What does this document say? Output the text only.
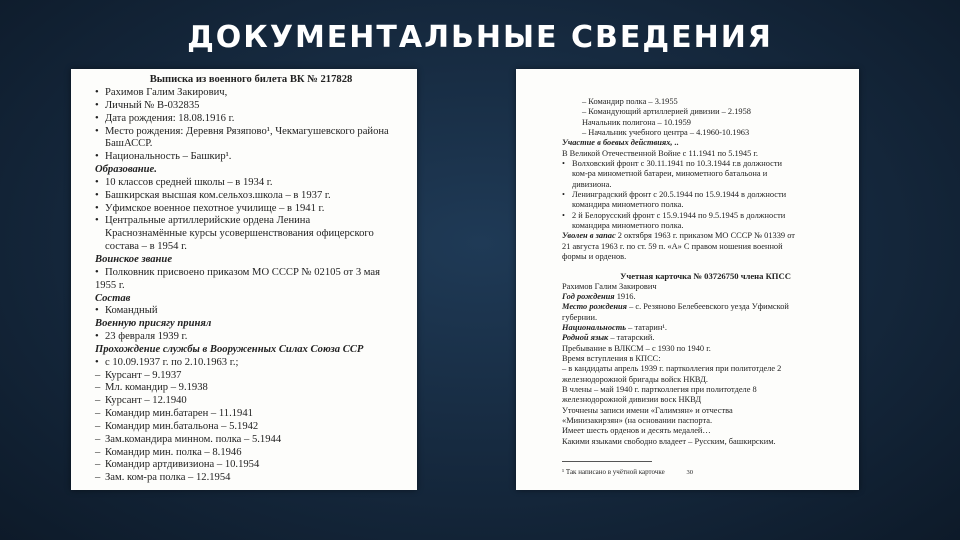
ДОКУМЕНТАЛЬНЫЕ СВЕДЕНИЯ
Выписка из военного билета ВК № 217828
• Рахимов Галим Закирович,
• Личный № В-032835
• Дата рождения: 18.08.1916 г.
• Место рождения: Деревня Рязяпово¹, Чекмагушевского района
БашАССР.
• Национальность – Башкир¹.
Образование.
• 10 классов средней школы – в 1934 г.
• Башкирская высшая ком.сельхоз.школа – в 1937 г.
• Уфимское военное пехотное училище – в 1941 г.
• Центральные артиллерийские ордена Ленина
Краснознамённые курсы усовершенствования офицерского
состава – в 1954 г.
Воинское звание
• Полковник присвоено приказом МО СССР № 02105 от 3 мая
1955 г.
Состав
• Командный
Военную присягу принял
• 23 февраля 1939 г.
Прохождение службы в Вооруженных Силах Союза ССР
• с 10.09.1937 г. по 2.10.1963 г.;
– Курсант – 9.1937
– Мл. командир – 9.1938
– Курсант – 12.1940
– Командир мин.батарен – 11.1941
– Командир мин.батальона – 5.1942
– Зам.командира минном. полка – 5.1944
– Командир мин. полка – 8.1946
– Командир артдивизиона – 10.1954
– Зам. ком-ра полка – 12.1954
– Командир полка – 3.1955
– Командующий артиллерией дивизии – 2.1958
Начальник полигона – 10.1959
– Начальник учебного центра – 4.1960-10.1963
Участие в боевых действиях, ..
В Великой Отечественной Войне с 11.1941 по 5.1945 г.
• Волховский фронт с 30.11.1941 по 10.3.1944 г.в должности
ком-ра минометной батареи, минометного батальона и
дивизиона.
• Ленинградский фронт с 20.5.1944 по 15.9.1944 в должности
командира минометного полка.
• 2 й Белорусский фронт с 15.9.1944 по 9.5.1945 в должности
командира минометного полка.
Уволен в запас 2 октября 1963 г. приказом МО СССР № 01339 от
21 августа 1963 г. по ст. 59 п. «А» С правом ношения военной
формы и орденов.
Учетная карточка № 03726750 члена КПСС
Рахимов Галим Закирович
Год рождения 1916.
Место рождения – с. Резяново Белебеевского уезда Уфимской
губернии.
Национальность – татарин¹.
Родной язык – татарский.
Пребывание в ВЛКСМ – с 1930 по 1940 г.
Время вступления в КПСС:
– в кандидаты апрель 1939 г. партколлегия при политотделе 2
железнодорожной бригады войск НКВД.
В члены – май 1940 г. партколлегия при политотделе 8
железнодорожной дивизии воск НКВД
Уточнены записи имени «Галимзян» и отчества
«Минизакирзян» (на основании паспорта.
Имеет шесть орденов и десять медалей…
Какими языками свободно владеет – Русским, башкирским.
¹ Так написано в учётной карточке	30
